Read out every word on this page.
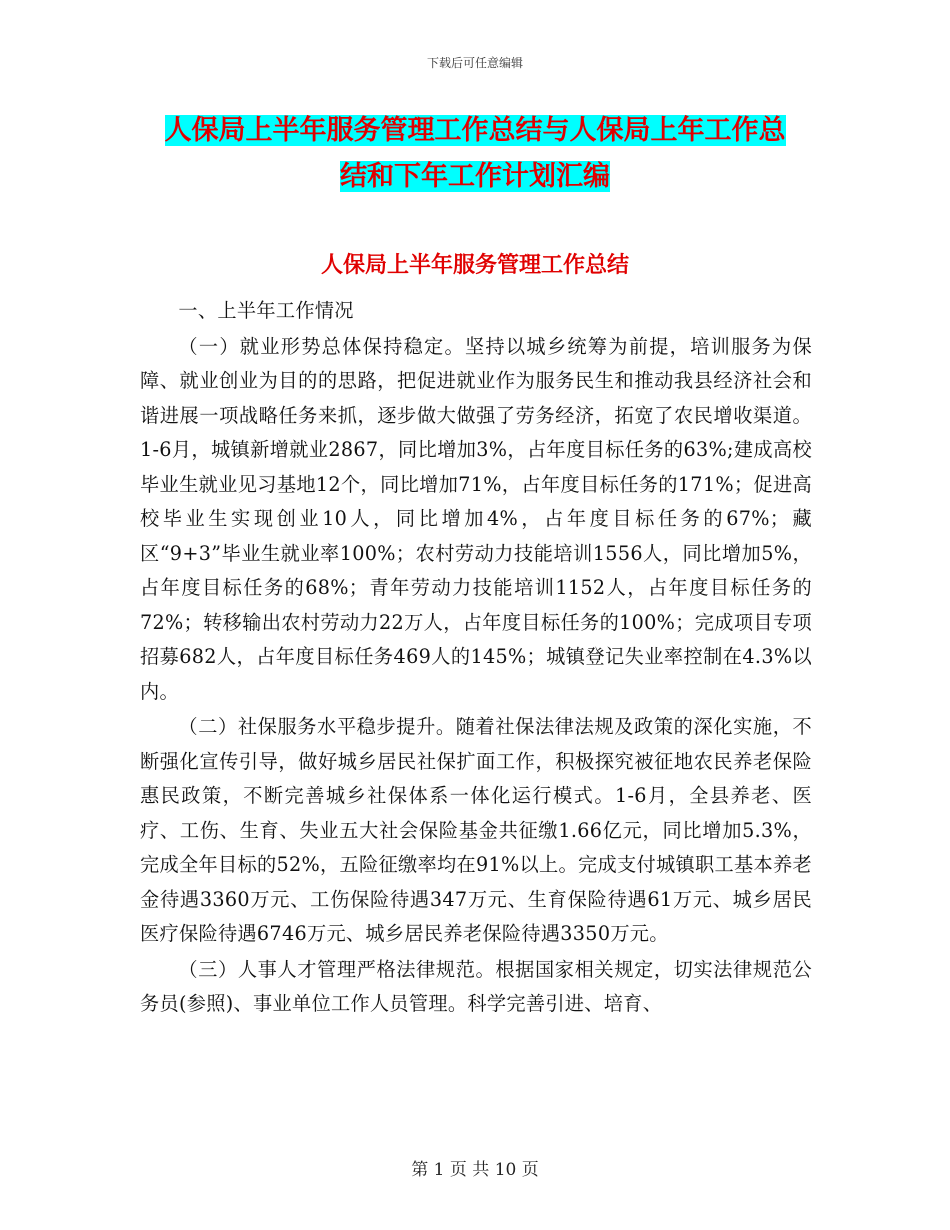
下载后可任意编辑
人保局上半年服务管理工作总结与人保局上年工作总
结和下年工作计划汇编
人保局上半年服务管理工作总结

一、上半年工作情况

（一）就业形势总体保持稳定。坚持以城乡统筹为前提，培训服务为保障、就业创业为目的的思路，把促进就业作为服务民生和推动我县经济社会和谐进展一项战略任务来抓，逐步做大做强了劳务经济，拓宽了农民增收渠道。1-6月，城镇新增就业2867，同比增加3%，占年度目标任务的63%;建成高校毕业生就业见习基地12个，同比增加71%，占年度目标任务的171%；促进高校毕业生实现创业10人，同比增加4%，占年度目标任务的67%；藏区“9+3”毕业生就业率100%；农村劳动力技能培训1556人，同比增加5%，占年度目标任务的68%；青年劳动力技能培训1152人，占年度目标任务的72%；转移输出农村劳动力22万人，占年度目标任务的100%；完成项目专项招募682人，占年度目标任务469人的145%；城镇登记失业率控制在4.3%以内。

（二）社保服务水平稳步提升。随着社保法律法规及政策的深化实施，不断强化宣传引导，做好城乡居民社保扩面工作，积极探究被征地农民养老保险惠民政策，不断完善城乡社保体系一体化运行模式。1-6月，全县养老、医疗、工伤、生育、失业五大社会保险基金共征缴1.66亿元，同比增加5.3%，完成全年目标的52%，五险征缴率均在91%以上。完成支付城镇职工基本养老金待遇3360万元、工伤保险待遇347万元、生育保险待遇61万元、城乡居民医疗保险待遇6746万元、城乡居民养老保险待遇3350万元。

（三）人事人才管理严格法律规范。根据国家相关规定，切实法律规范公务员(参照)、事业单位工作人员管理。科学完善引进、培育、

第 1 页 共 10 页
